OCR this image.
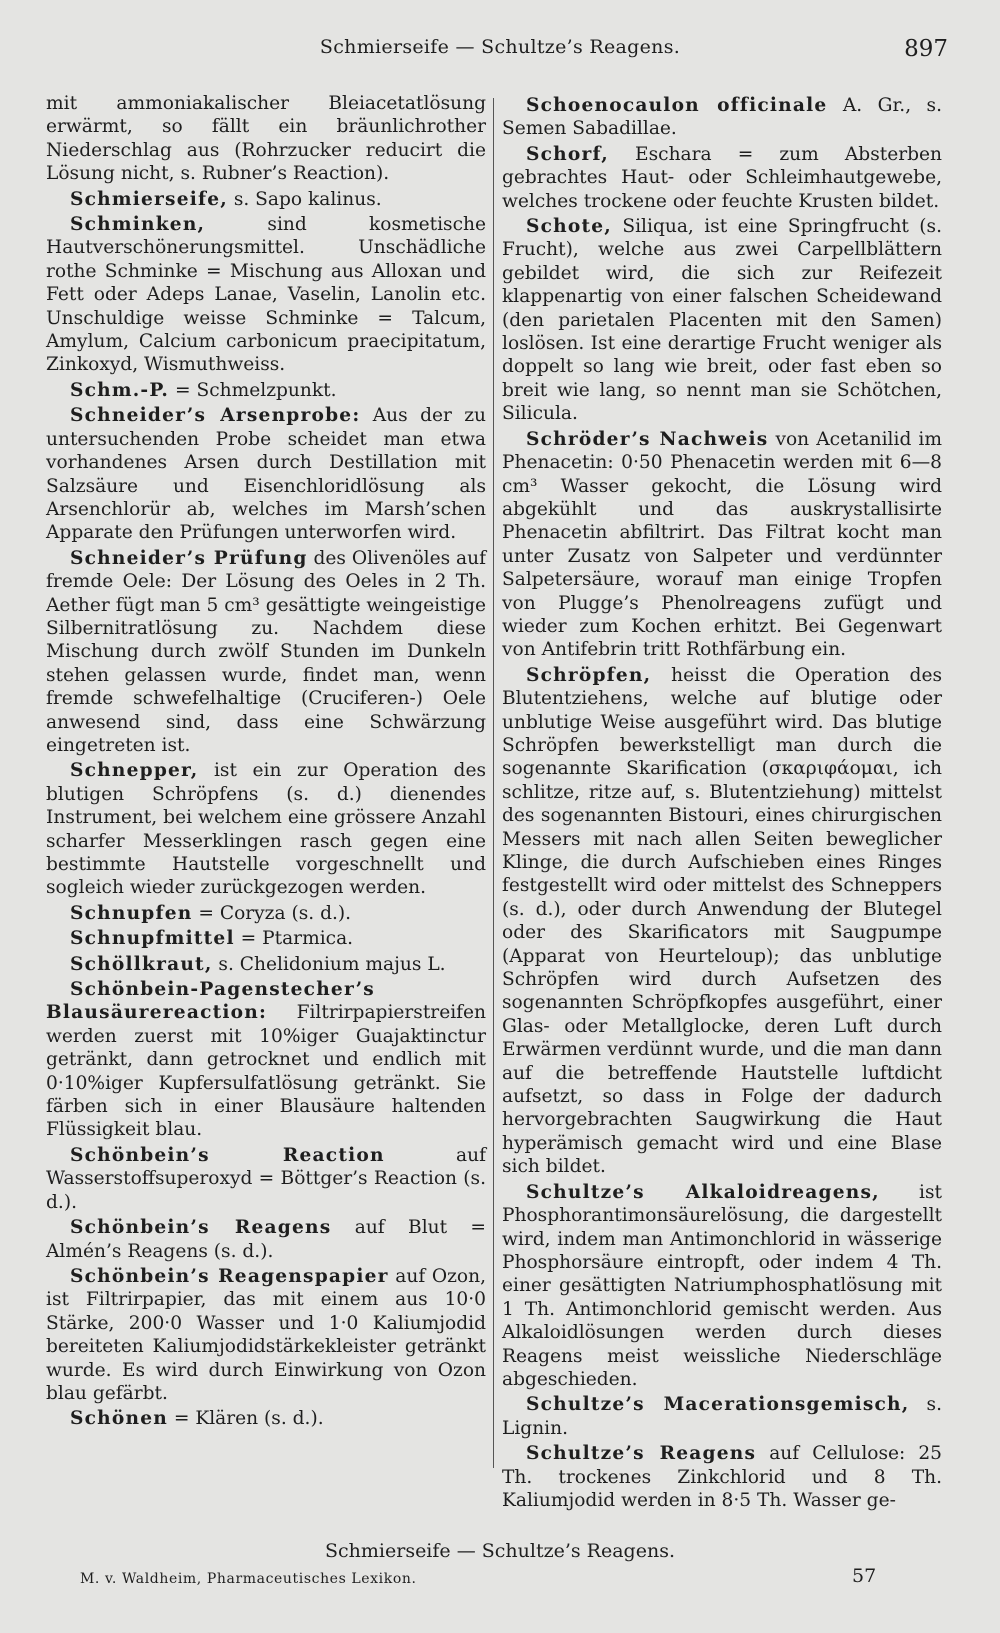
Schmierseife — Schultze’s Reagens.	897

mit ammoniakalischer Bleiacetatlösung erwärmt, so fällt ein bräunlichrother Niederschlag aus (Rohrzucker reducirt die Lösung nicht, s. Rubner’s Reaction).

Schmierseife, s. Sapo kalinus.

Schminken, sind kosmetische Hautverschönerungsmittel. Unschädliche rothe Schminke = Mischung aus Alloxan und Fett oder Adeps Lanae, Vaselin, Lanolin etc. Unschuldige weisse Schminke = Talcum, Amylum, Calcium carbonicum praecipitatum, Zinkoxyd, Wismuthweiss.

Schm.-P. = Schmelzpunkt.

Schneider’s Arsenprobe: Aus der zu untersuchenden Probe scheidet man etwa vorhandenes Arsen durch Destillation mit Salzsäure und Eisenchloridlösung als Arsenchlorür ab, welches im Marsh’schen Apparate den Prüfungen unterworfen wird.

Schneider’s Prüfung des Olivenöles auf fremde Oele: Der Lösung des Oeles in 2 Th. Aether fügt man 5 cm³ gesättigte weingeistige Silbernitratlösung zu. Nachdem diese Mischung durch zwölf Stunden im Dunkeln stehen gelassen wurde, findet man, wenn fremde schwefelhaltige (Cruciferen-) Oele anwesend sind, dass eine Schwärzung eingetreten ist.

Schnepper, ist ein zur Operation des blutigen Schröpfens (s. d.) dienendes Instrument, bei welchem eine grössere Anzahl scharfer Messerklingen rasch gegen eine bestimmte Hautstelle vorgeschnellt und sogleich wieder zurückgezogen werden.

Schnupfen = Coryza (s. d.).

Schnupfmittel = Ptarmica.

Schöllkraut, s. Chelidonium majus L.

Schönbein-Pagenstecher’s Blausäurereaction: Filtrirpapierstreifen werden zuerst mit 10%iger Guajaktinctur getränkt, dann getrocknet und endlich mit 0·10%iger Kupfersulfatlösung getränkt. Sie färben sich in einer Blausäure haltenden Flüssigkeit blau.

Schönbein’s Reaction auf Wasserstoffsuperoxyd = Böttger’s Reaction (s. d.).

Schönbein’s Reagens auf Blut = Almén’s Reagens (s. d.).

Schönbein’s Reagenspapier auf Ozon, ist Filtrirpapier, das mit einem aus 10·0 Stärke, 200·0 Wasser und 1·0 Kaliumjodid bereiteten Kaliumjodidstärkekleister getränkt wurde. Es wird durch Einwirkung von Ozon blau gefärbt.

Schönen = Klären (s. d.).

Schoenocaulon officinale A. Gr., s. Semen Sabadillae.

Schorf, Eschara = zum Absterben gebrachtes Haut- oder Schleimhautgewebe, welches trockene oder feuchte Krusten bildet.

Schote, Siliqua, ist eine Springfrucht (s. Frucht), welche aus zwei Carpellblättern gebildet wird, die sich zur Reifezeit klappenartig von einer falschen Scheidewand (den parietalen Placenten mit den Samen) loslösen. Ist eine derartige Frucht weniger als doppelt so lang wie breit, oder fast eben so breit wie lang, so nennt man sie Schötchen, Silicula.

Schröder’s Nachweis von Acetanilid im Phenacetin: 0·50 Phenacetin werden mit 6—8 cm³ Wasser gekocht, die Lösung wird abgekühlt und das auskrystallisirte Phenacetin abfiltrirt. Das Filtrat kocht man unter Zusatz von Salpeter und verdünnter Salpetersäure, worauf man einige Tropfen von Plugge’s Phenolreagens zufügt und wieder zum Kochen erhitzt. Bei Gegenwart von Antifebrin tritt Rothfärbung ein.

Schröpfen, heisst die Operation des Blutentziehens, welche auf blutige oder unblutige Weise ausgeführt wird. Das blutige Schröpfen bewerkstelligt man durch die sogenannte Skarification (σκαριφάομαι, ich schlitze, ritze auf, s. Blutentziehung) mittelst des sogenannten Bistouri, eines chirurgischen Messers mit nach allen Seiten beweglicher Klinge, die durch Aufschieben eines Ringes festgestellt wird oder mittelst des Schneppers (s. d.), oder durch Anwendung der Blutegel oder des Skarificators mit Saugpumpe (Apparat von Heurteloup); das unblutige Schröpfen wird durch Aufsetzen des sogenannten Schröpfkopfes ausgeführt, einer Glas- oder Metallglocke, deren Luft durch Erwärmen verdünnt wurde, und die man dann auf die betreffende Hautstelle luftdicht aufsetzt, so dass in Folge der dadurch hervorgebrachten Saugwirkung die Haut hyperämisch gemacht wird und eine Blase sich bildet.

Schultze’s Alkaloidreagens, ist Phosphorantimonsäurelösung, die dargestellt wird, indem man Antimonchlorid in wässerige Phosphorsäure eintropft, oder indem 4 Th. einer gesättigten Natriumphosphatlösung mit 1 Th. Antimonchlorid gemischt werden. Aus Alkaloidlösungen werden durch dieses Reagens meist weissliche Niederschläge abgeschieden.

Schultze’s Macerationsgemisch, s. Lignin.

Schultze’s Reagens auf Cellulose: 25 Th. trockenes Zinkchlorid und 8 Th. Kaliumjodid werden in 8·5 Th. Wasser ge-

Schmierseife — Schultze’s Reagens.
M. v. Waldheim, Pharmaceutisches Lexikon.	57
